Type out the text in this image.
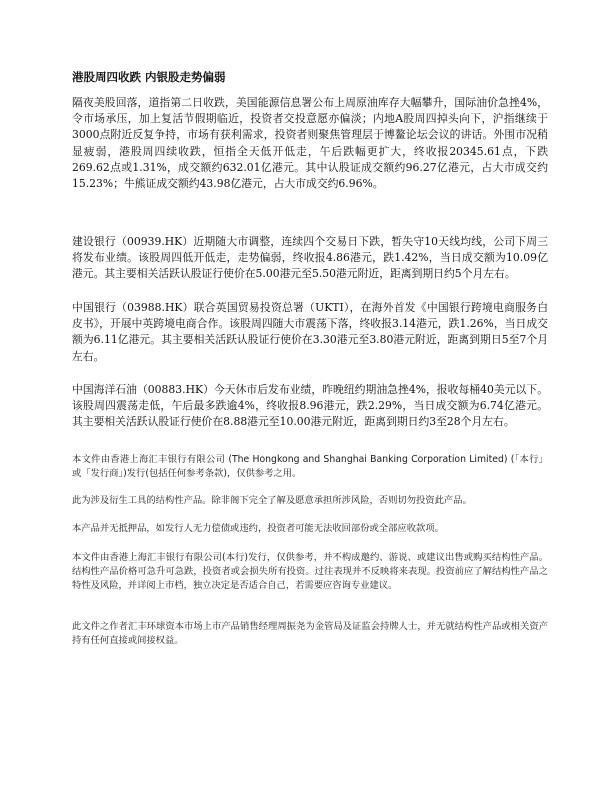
港股周四收跌 内银股走势偏弱

隔夜美股回落，道指第二日收跌，美国能源信息署公布上周原油库存大幅攀升，国际油价急挫4%，令市场承压，加上复活节假期临近，投资者交投意愿亦偏淡；内地A股周四掉头向下，沪指继续于3000点附近反复争持，市场有获利需求，投资者则聚焦管理层于博鳌论坛会议的讲话。外围市况稍显疲弱，港股周四续收跌，恒指全天低开低走，午后跌幅更扩大，终收报20345.61点，下跌269.62点或1.31%，成交额约632.01亿港元。其中认股证成交额约96.27亿港元，占大市成交约15.23%；牛熊证成交额约43.98亿港元，占大市成交约6.96%。

建设银行（00939.HK）近期随大市调整，连续四个交易日下跌，暂失守10天线均线，公司下周三将发布业绩。该股周四低开低走，走势偏弱，终收报4.86港元，跌1.42%，当日成交额为10.09亿港元。其主要相关活跃认股证行使价在5.00港元至5.50港元附近，距离到期日约5个月左右。

中国银行（03988.HK）联合英国贸易投资总署（UKTI），在海外首发《中国银行跨境电商服务白皮书》，开展中英跨境电商合作。该股周四随大市震荡下落，终收报3.14港元，跌1.26%，当日成交额为6.11亿港元。其主要相关活跃认股证行使价在3.30港元至3.80港元附近，距离到期日5至7个月左右。

中国海洋石油（00883.HK）今天休市后发布业绩，昨晚纽约期油急挫4%，报收每桶40美元以下。该股周四震荡走低，午后最多跌逾4%，终收报8.96港元，跌2.29%，当日成交额为6.74亿港元。其主要相关活跃认股证行使价在8.88港元至10.00港元附近，距离到期日约3至28个月左右。

本文件由香港上海汇丰银行有限公司 (The Hongkong and Shanghai Banking Corporation Limited) (「本行」或「发行商」)发行(包括任何参考条款)，仅供参考之用。

此为涉及衍生工具的结构性产品。除非阁下完全了解及愿意承担所涉风险，否则切勿投资此产品。

本产品并无抵押品，如发行人无力偿债或违约，投资者可能无法收回部份或全部应收款项。

本文件由香港上海汇丰银行有限公司(本行)发行，仅供参考，并不构成邀约、游说、或建议出售或购买结构性产品。结构性产品价格可急升可急跌，投资者或会损失所有投资。过往表现并不反映将来表现。投资前应了解结构性产品之特性及风险，并详阅上市档，独立决定是否适合自己，若需要应咨询专业建议。

此文件之作者汇丰环球资本市场上市产品销售经理周振尧为金管局及证监会持牌人士，并无就结构性产品或相关资产持有任何直接或间接权益。
